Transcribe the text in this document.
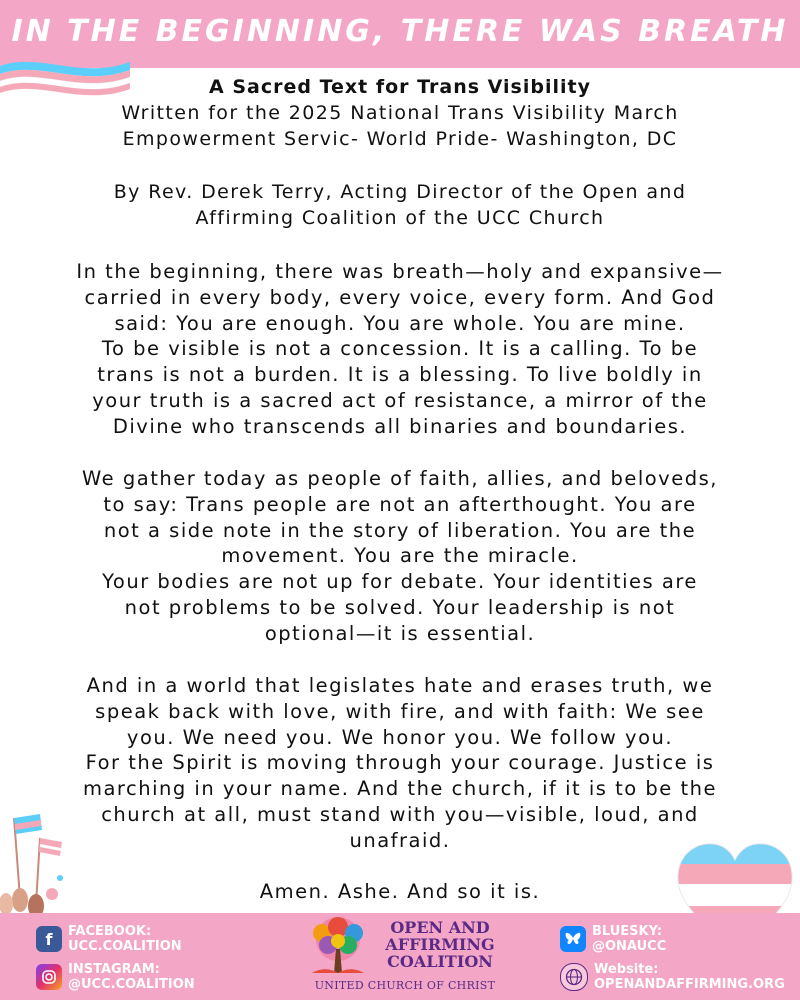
IN THE BEGINNING, THERE WAS BREATH
A Sacred Text for Trans Visibility
Written for the 2025 National Trans Visibility March
Empowerment Servic- World Pride- Washington, DC
By Rev. Derek Terry, Acting Director of the Open and
Affirming Coalition of the UCC Church
In the beginning, there was breath—holy and expansive—
carried in every body, every voice, every form. And God
said: You are enough. You are whole. You are mine.
To be visible is not a concession. It is a calling. To be
trans is not a burden. It is a blessing. To live boldly in
your truth is a sacred act of resistance, a mirror of the
Divine who transcends all binaries and boundaries.
We gather today as people of faith, allies, and beloveds,
to say: Trans people are not an afterthought. You are
not a side note in the story of liberation. You are the
movement. You are the miracle.
Your bodies are not up for debate. Your identities are
not problems to be solved. Your leadership is not
optional—it is essential.
And in a world that legislates hate and erases truth, we
speak back with love, with fire, and with faith: We see
you. We need you. We honor you. We follow you.
For the Spirit is moving through your courage. Justice is
marching in your name. And the church, if it is to be the
church at all, must stand with you—visible, loud, and
unafraid.
Amen. Ashe. And so it is.
f	FACEBOOK:
UCC.COALITION
INSTAGRAM:
@UCC.COALITION
BLUESKY:
@ONAUCC
Website:
OPENANDAFFIRMING.ORG
OPEN AND
AFFIRMING
COALITION
UNITED CHURCH OF CHRIST
